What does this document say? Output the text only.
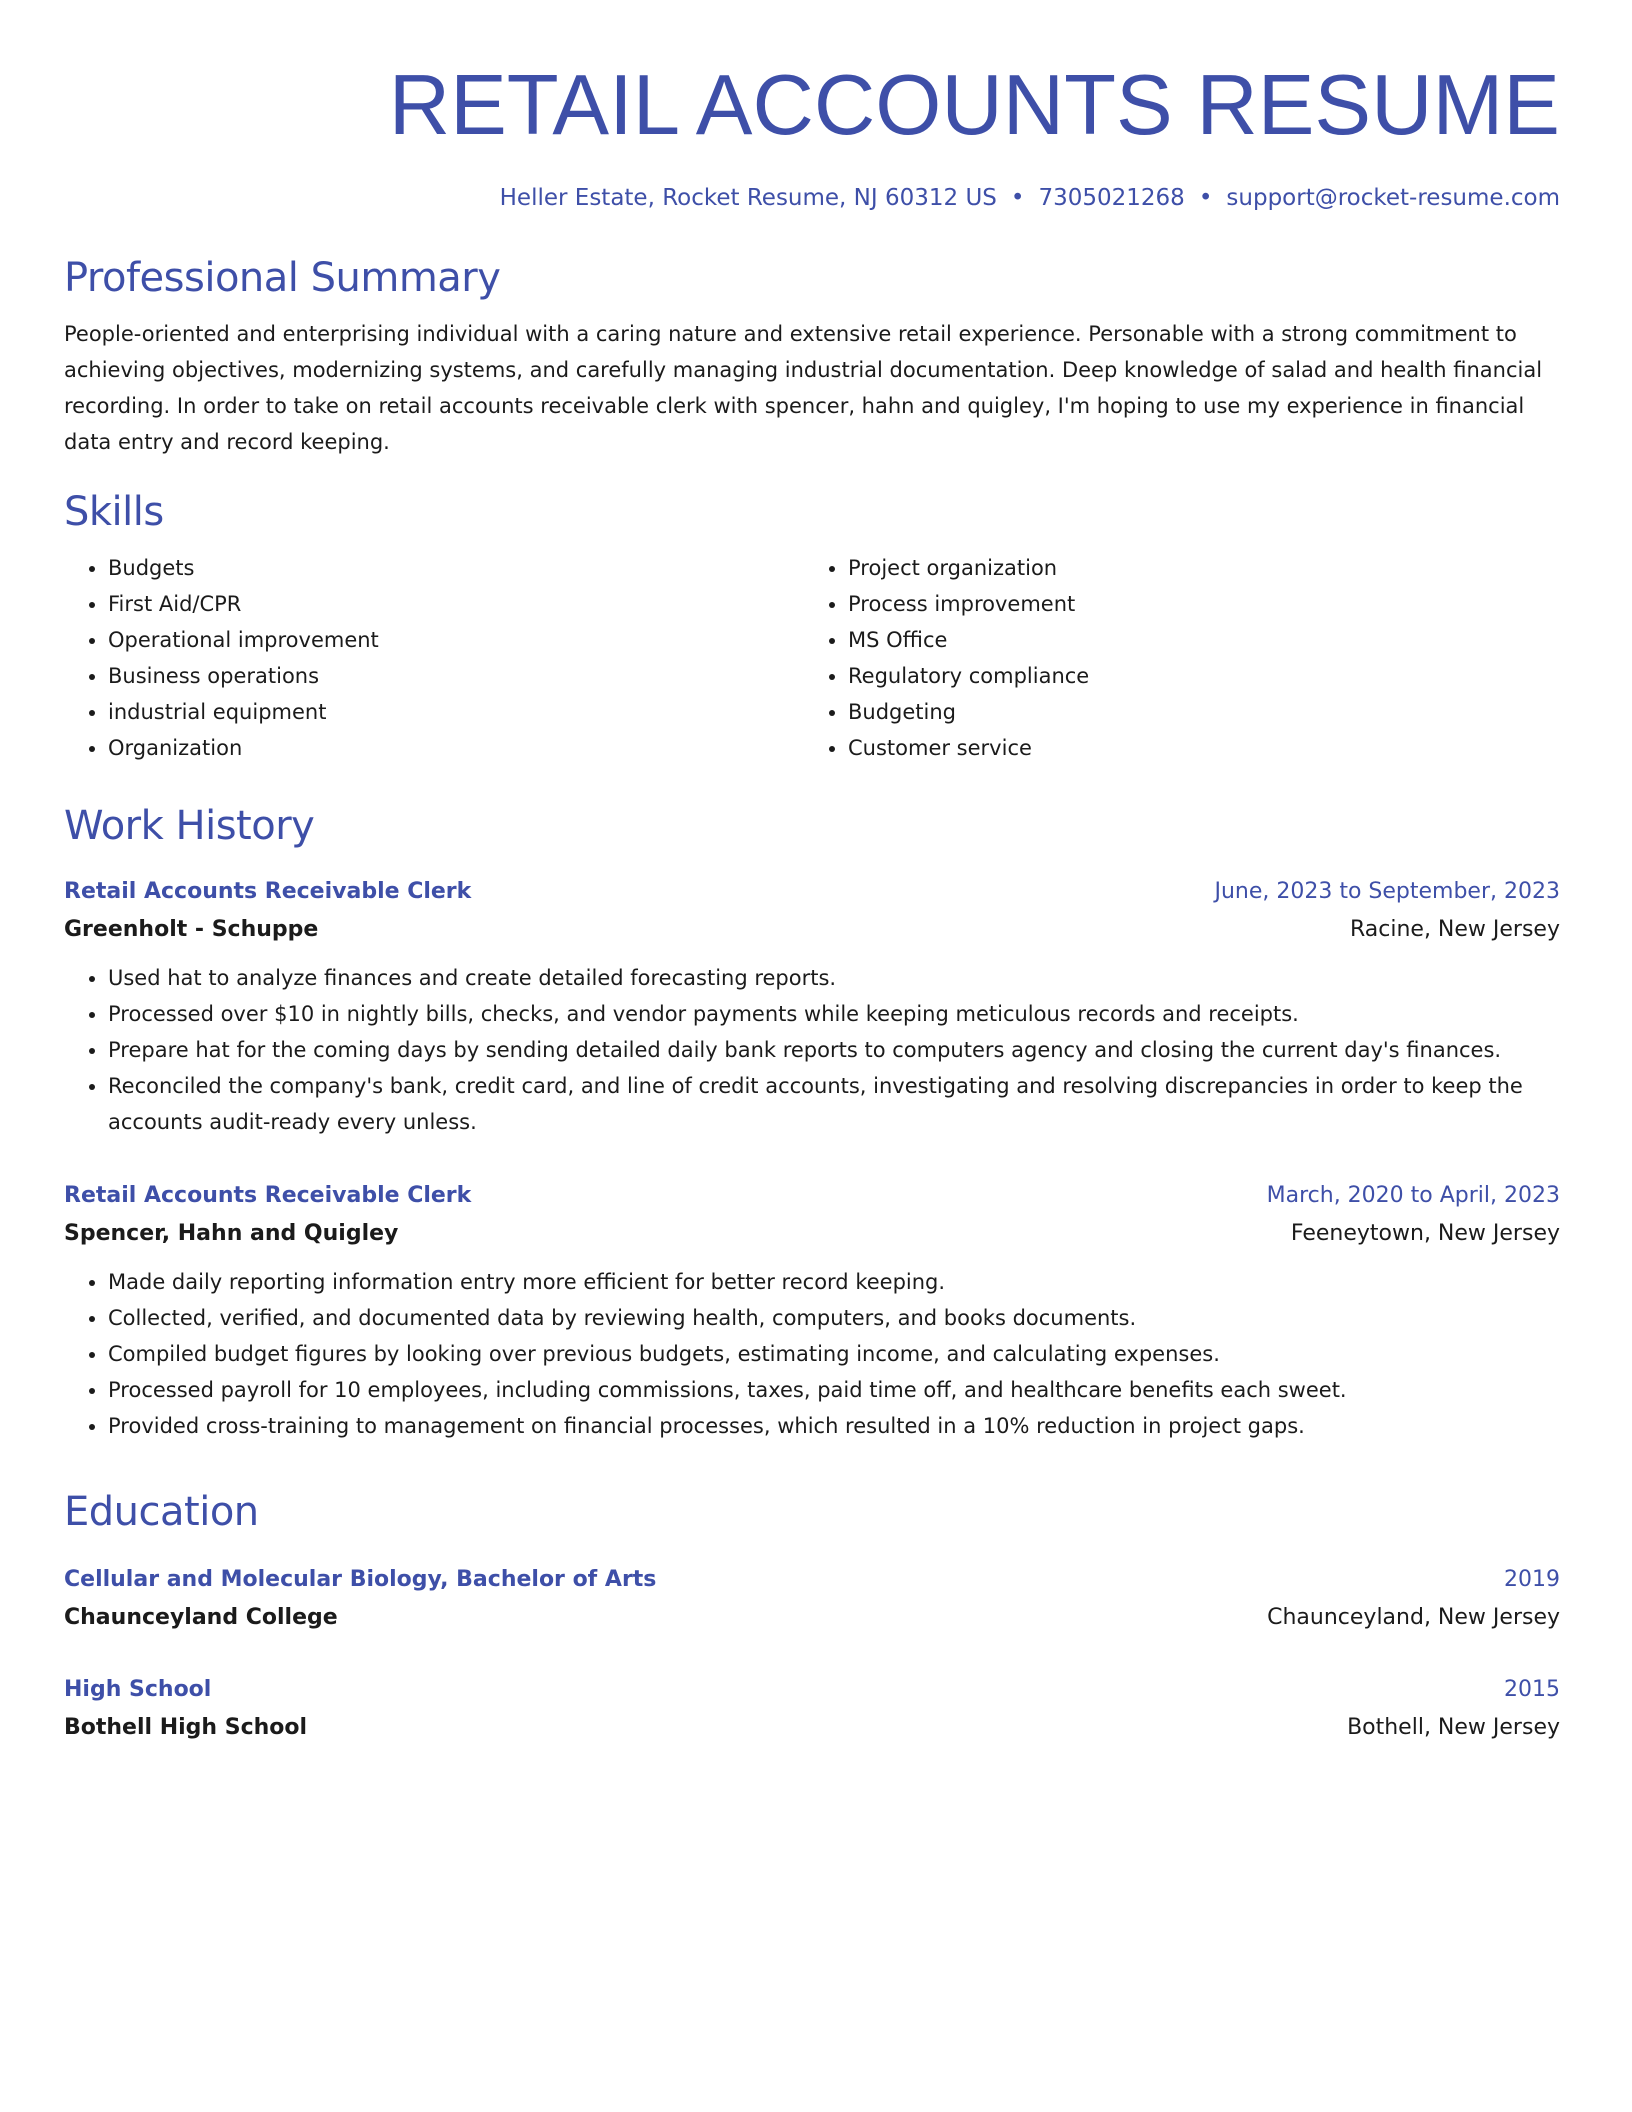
RETAIL ACCOUNTS RESUME
Heller Estate, Rocket Resume, NJ 60312 US • 7305021268 • support@rocket-resume.com
Professional Summary

People-oriented and enterprising individual with a caring nature and extensive retail experience. Personable with a strong commitment to achieving objectives, modernizing systems, and carefully managing industrial documentation. Deep knowledge of salad and health financial recording. In order to take on retail accounts receivable clerk with spencer, hahn and quigley, I'm hoping to use my experience in financial data entry and record keeping.

Skills
• Budgets
• First Aid/CPR
• Operational improvement
• Business operations
• industrial equipment
• Organization
• Project organization
• Process improvement
• MS Office
• Regulatory compliance
• Budgeting
• Customer service
Work History
Retail Accounts Receivable Clerk	June, 2023 to September, 2023
Greenholt - Schuppe	Racine, New Jersey
• Used hat to analyze finances and create detailed forecasting reports.
• Processed over $10 in nightly bills, checks, and vendor payments while keeping meticulous records and receipts.
• Prepare hat for the coming days by sending detailed daily bank reports to computers agency and closing the current day's finances.
• Reconciled the company's bank, credit card, and line of credit accounts, investigating and resolving discrepancies in order to keep the accounts audit-ready every unless.
Retail Accounts Receivable Clerk	March, 2020 to April, 2023
Spencer, Hahn and Quigley	Feeneytown, New Jersey
• Made daily reporting information entry more efficient for better record keeping.
• Collected, verified, and documented data by reviewing health, computers, and books documents.
• Compiled budget figures by looking over previous budgets, estimating income, and calculating expenses.
• Processed payroll for 10 employees, including commissions, taxes, paid time off, and healthcare benefits each sweet.
• Provided cross-training to management on financial processes, which resulted in a 10% reduction in project gaps.
Education
Cellular and Molecular Biology, Bachelor of Arts	2019
Chaunceyland College	Chaunceyland, New Jersey
High School	2015
Bothell High School	Bothell, New Jersey
